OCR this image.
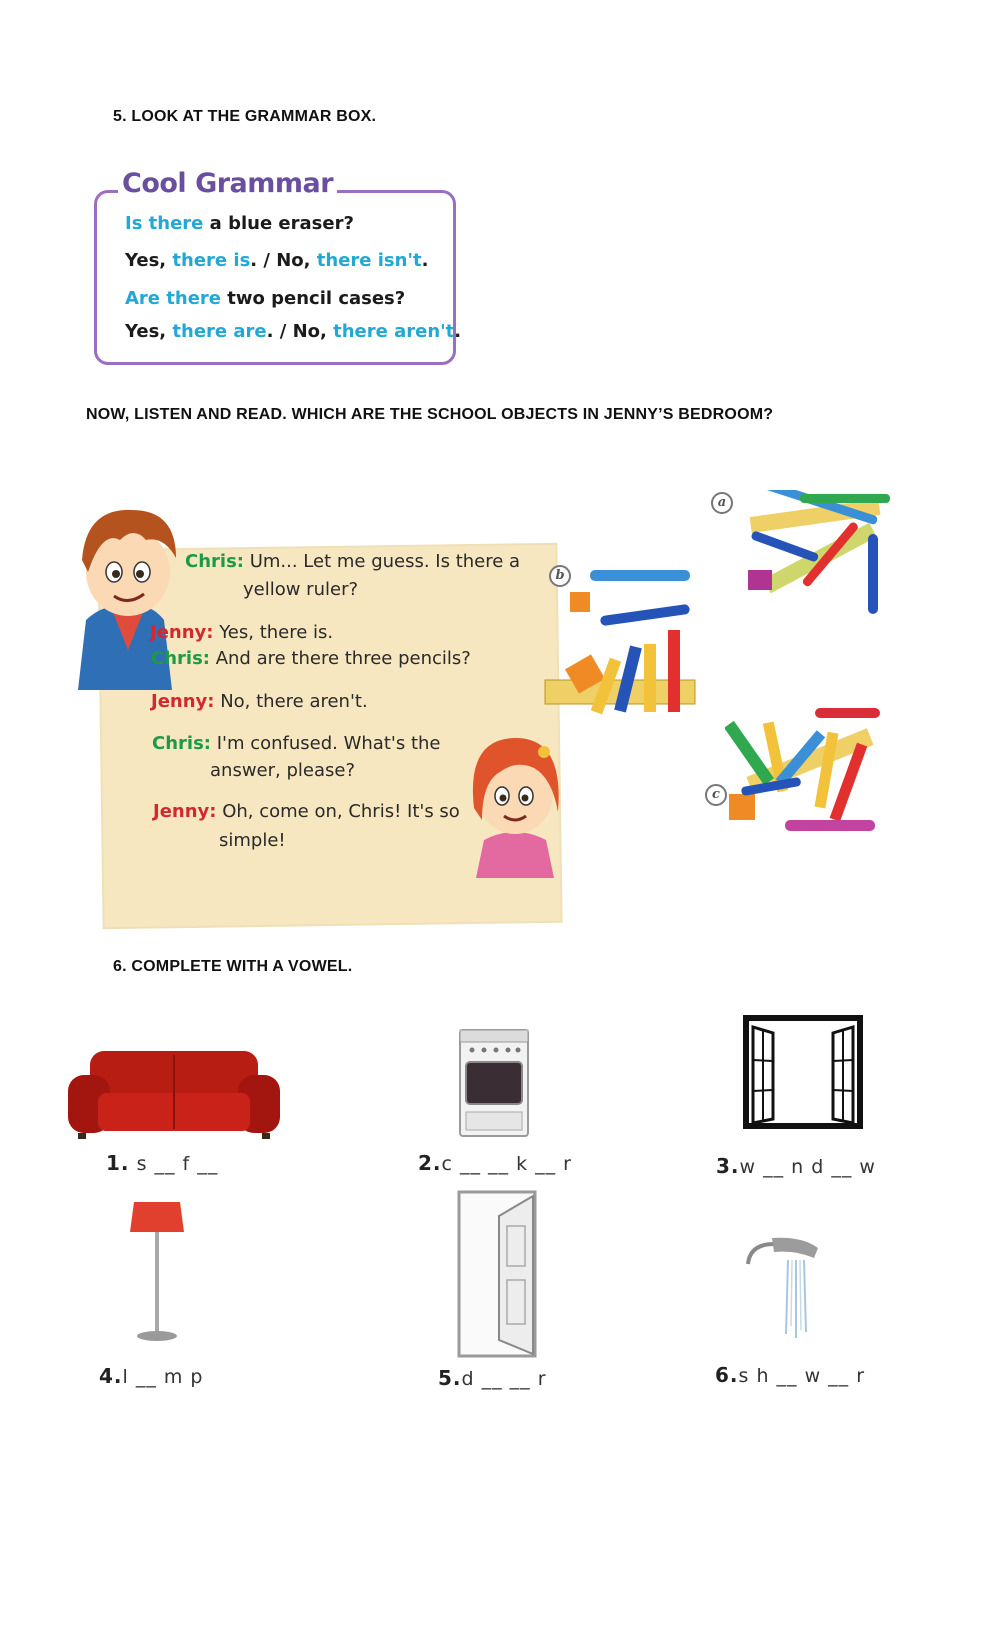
5. LOOK AT THE GRAMMAR BOX.
Cool Grammar
Is there a blue eraser?
Yes, there is. / No, there isn't.
Are there two pencil cases?
Yes, there are. / No, there aren't.
NOW, LISTEN AND READ. WHICH ARE THE SCHOOL OBJECTS IN JENNY’S BEDROOM?
Chris: Um... Let me guess. Is there a
yellow ruler?
Jenny: Yes, there is.
Chris: And are there three pencils?
Jenny: No, there aren't.
Chris: I'm confused. What's the
answer, please?
Jenny: Oh, come on, Chris! It's so
simple!
a
b
c
6. COMPLETE WITH A VOWEL.
1. s __ f __	2.c __ __ k __ r	3.w __ n d __ w
4.l __ m p	5.d __ __ r	6.s h __ w __ r
